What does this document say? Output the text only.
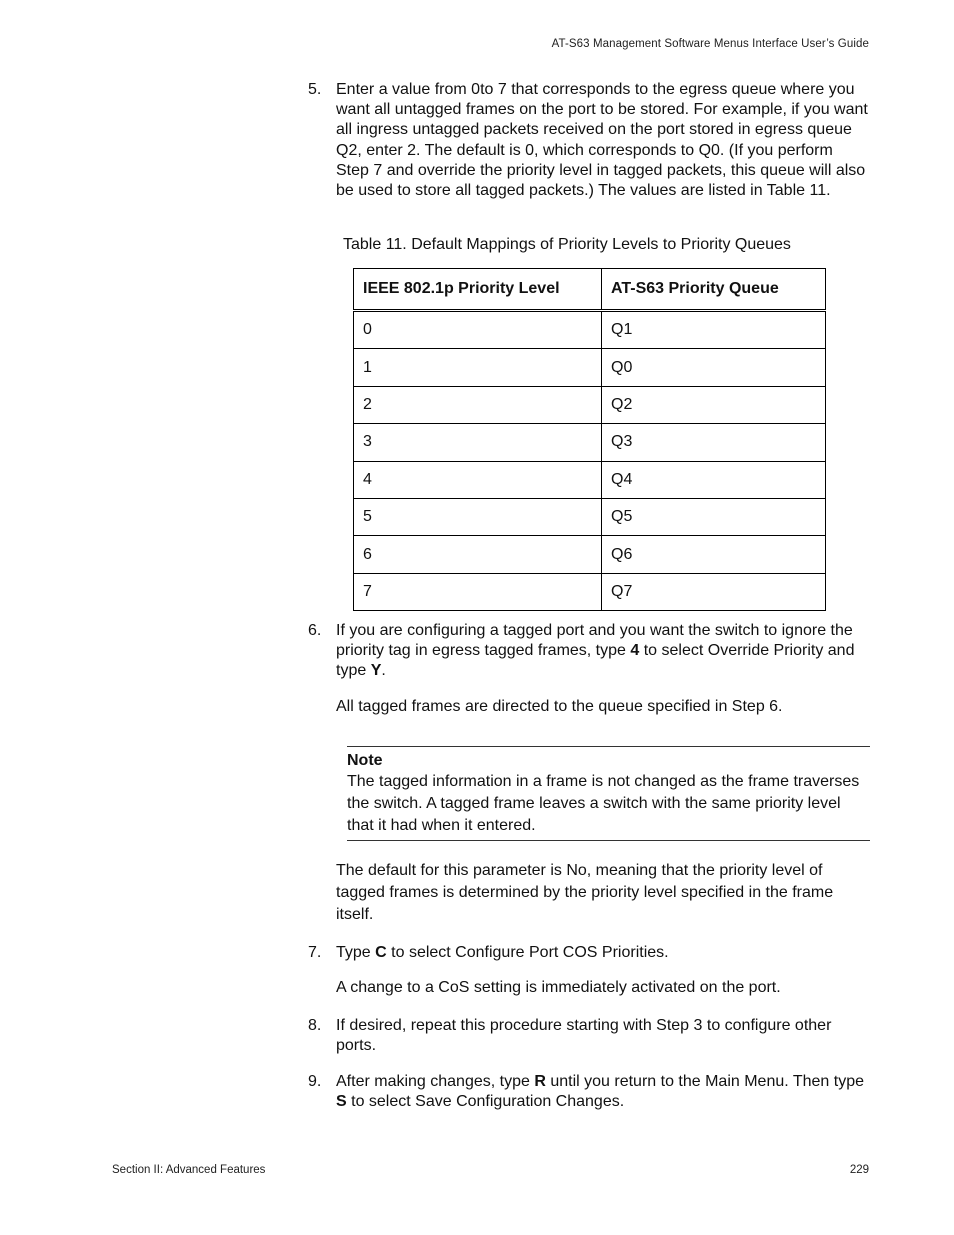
AT-S63 Management Software Menus Interface User’s Guide
5. Enter a value from 0to 7 that corresponds to the egress queue where you want all untagged frames on the port to be stored. For example, if you want all ingress untagged packets received on the port stored in egress queue Q2, enter 2. The default is 0, which corresponds to Q0. (If you perform Step 7 and override the priority level in tagged packets, this queue will also be used to store all tagged packets.) The values are listed in Table 11.
Table 11. Default Mappings of Priority Levels to Priority Queues
IEEE 802.1p Priority Level	AT-S63 Priority Queue
0	Q1
1	Q0
2	Q2
3	Q3
4	Q4
5	Q5
6	Q6
7	Q7
6. If you are configuring a tagged port and you want the switch to ignore the priority tag in egress tagged frames, type 4 to select Override Priority and type Y.
All tagged frames are directed to the queue specified in Step 6.
Note
The tagged information in a frame is not changed as the frame traverses the switch. A tagged frame leaves a switch with the same priority level that it had when it entered.
The default for this parameter is No, meaning that the priority level of tagged frames is determined by the priority level specified in the frame itself.
7. Type C to select Configure Port COS Priorities.
A change to a CoS setting is immediately activated on the port.
8. If desired, repeat this procedure starting with Step 3 to configure other ports.
9. After making changes, type R until you return to the Main Menu. Then type S to select Save Configuration Changes.
Section II: Advanced Features	229
